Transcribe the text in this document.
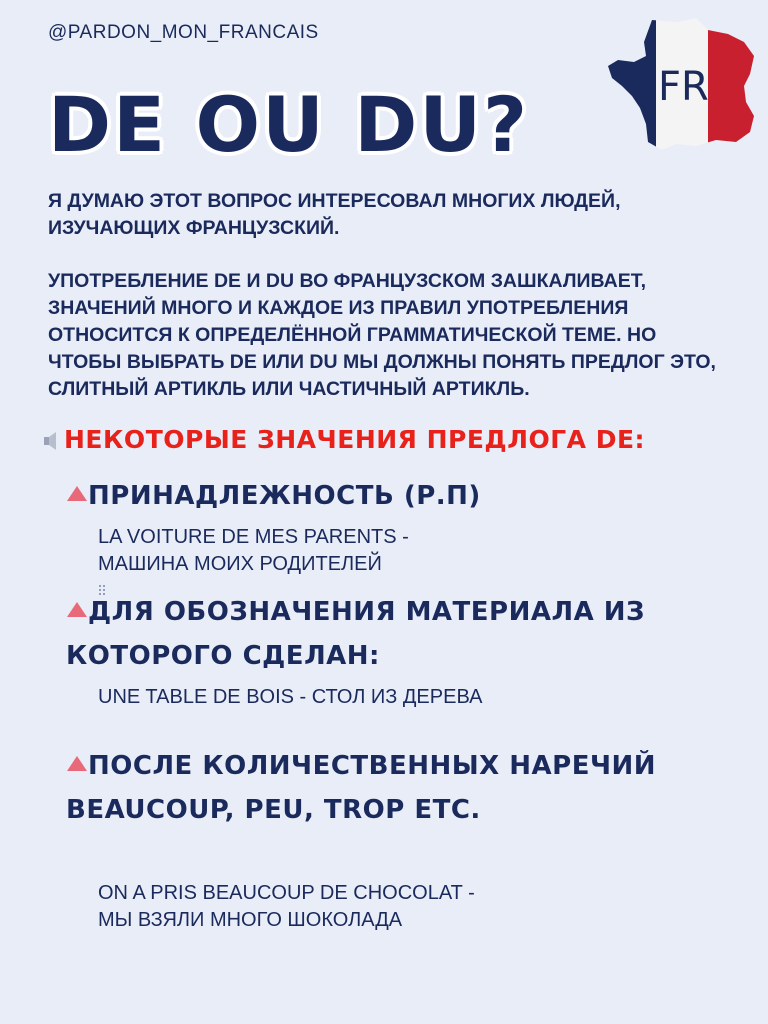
@PARDON_MON_FRANCAIS
DE OU DU?	FR
Я ДУМАЮ ЭТОТ ВОПРОС ИНТЕРЕСОВАЛ МНОГИХ ЛЮДЕЙ, ИЗУЧАЮЩИХ ФРАНЦУЗСКИЙ.
УПОТРЕБЛЕНИЕ DE И DU ВО ФРАНЦУЗСКОМ ЗАШКАЛИВАЕТ, ЗНАЧЕНИЙ МНОГО И КАЖДОЕ ИЗ ПРАВИЛ УПОТРЕБЛЕНИЯ ОТНОСИТСЯ К ОПРЕДЕЛЁННОЙ ГРАММАТИЧЕСКОЙ ТЕМЕ. НО ЧТОБЫ ВЫБРАТЬ DE ИЛИ DU МЫ ДОЛЖНЫ ПОНЯТЬ ПРЕДЛОГ ЭТО, СЛИТНЫЙ АРТИКЛЬ ИЛИ ЧАСТИЧНЫЙ АРТИКЛЬ.
НЕКОТОРЫЕ ЗНАЧЕНИЯ ПРЕДЛОГА DE:
ПРИНАДЛЕЖНОСТЬ (Р.П)
LA VOITURE DE MES PARENTS -
МАШИНА МОИХ РОДИТЕЛЕЙ
ДЛЯ ОБОЗНАЧЕНИЯ МАТЕРИАЛА ИЗ КОТОРОГО СДЕЛАН:
UNE TABLE DE BOIS - СТОЛ ИЗ ДЕРЕВА
ПОСЛЕ КОЛИЧЕСТВЕННЫХ НАРЕЧИЙ BEAUCOUP, PEU, TROP ETC.
ON A PRIS BEAUCOUP DE CHOCOLAT -
МЫ ВЗЯЛИ МНОГО ШОКОЛАДА
